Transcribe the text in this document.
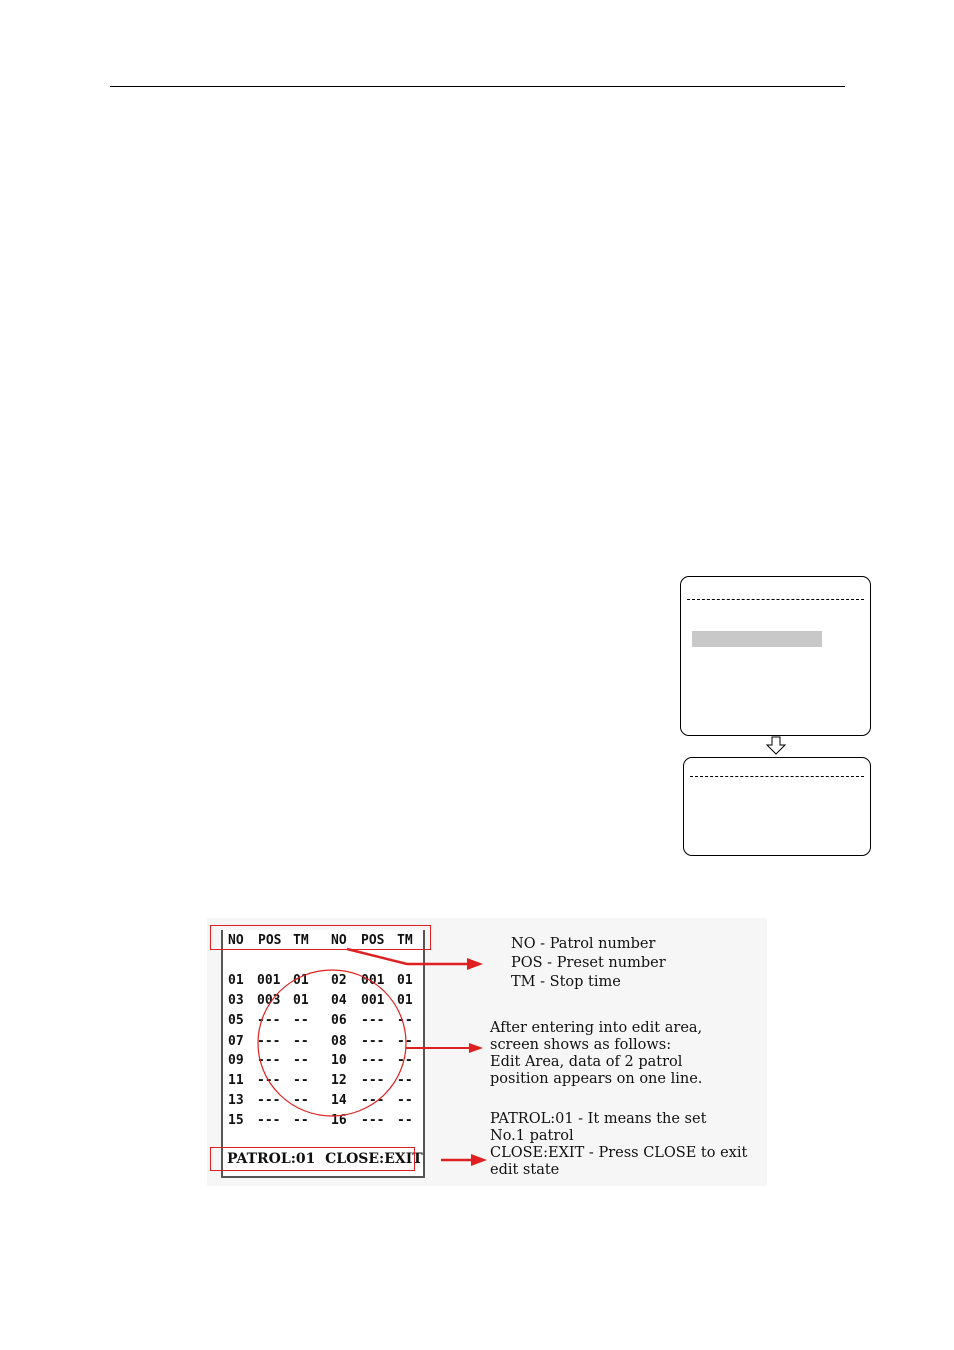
NO POS TM NO POS TM
01 001 01 02 001 01
03 003 01 04 001 01
05 --- -- 06 --- --
07 --- -- 08 --- --
09 --- -- 10 --- --
11 --- -- 12 --- --
13 --- -- 14 --- --
15 --- -- 16 --- --
PATROL:01  CLOSE:EXIT
NO - Patrol number
POS - Preset number
TM - Stop time
After entering into edit area,
screen shows as follows:
Edit Area, data of 2 patrol
position appears on one line.
PATROL:01 - It means the set
No.1 patrol
CLOSE:EXIT - Press CLOSE to exit
edit state
